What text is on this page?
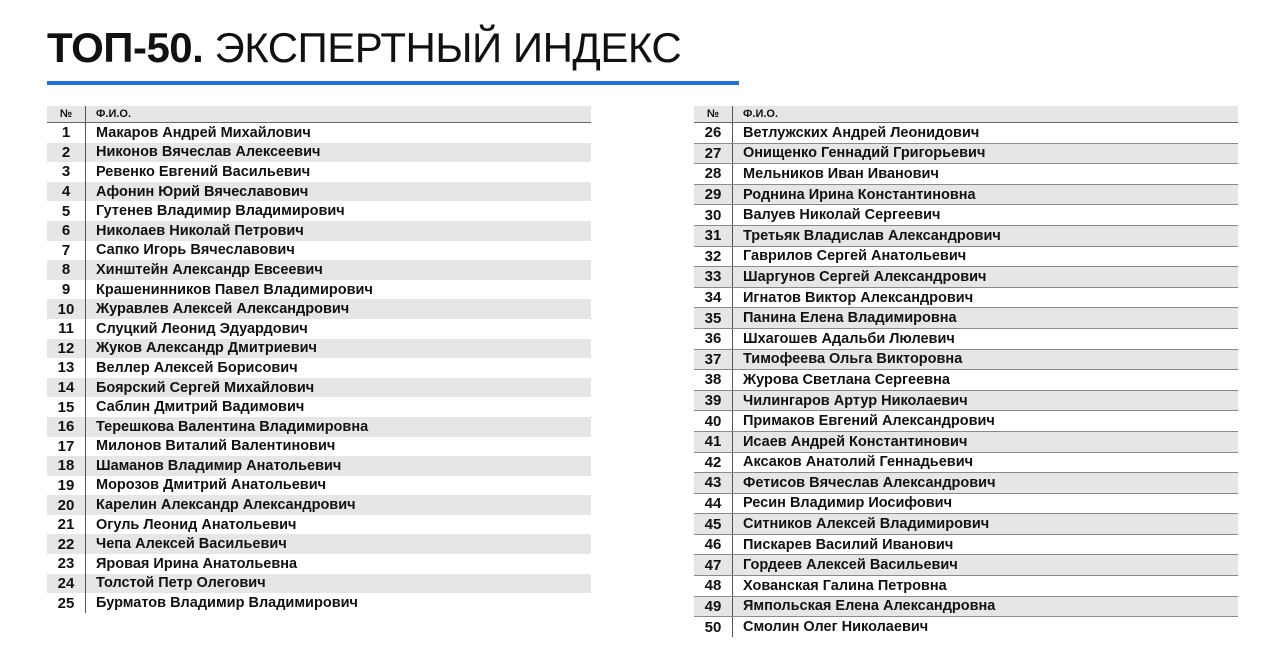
ТОП-50. ЭКСПЕРТНЫЙ ИНДЕКС
№	Ф.И.О.
1	Макаров Андрей Михайлович
2	Никонов Вячеслав Алексеевич
3	Ревенко Евгений Васильевич
4	Афонин Юрий Вячеславович
5	Гутенев Владимир Владимирович
6	Николаев Николай Петрович
7	Сапко Игорь Вячеславович
8	Хинштейн Александр Евсеевич
9	Крашенинников Павел Владимирович
10	Журавлев Алексей Александрович
11	Слуцкий Леонид Эдуардович
12	Жуков Александр Дмитриевич
13	Веллер Алексей Борисович
14	Боярский Сергей Михайлович
15	Саблин Дмитрий Вадимович
16	Терешкова Валентина Владимировна
17	Милонов Виталий Валентинович
18	Шаманов Владимир Анатольевич
19	Морозов Дмитрий Анатольевич
20	Карелин Александр Александрович
21	Огуль Леонид Анатольевич
22	Чепа Алексей Васильевич
23	Яровая Ирина Анатольевна
24	Толстой Петр Олегович
25	Бурматов Владимир Владимирович
№	Ф.И.О.
26	Ветлужских Андрей Леонидович
27	Онищенко Геннадий Григорьевич
28	Мельников Иван Иванович
29	Роднина Ирина Константиновна
30	Валуев Николай Сергеевич
31	Третьяк Владислав Александрович
32	Гаврилов Сергей Анатольевич
33	Шаргунов Сергей Александрович
34	Игнатов Виктор Александрович
35	Панина Елена Владимировна
36	Шхагошев Адальби Люлевич
37	Тимофеева Ольга Викторовна
38	Журова Светлана Сергеевна
39	Чилингаров Артур Николаевич
40	Примаков Евгений Александрович
41	Исаев Андрей Константинович
42	Аксаков Анатолий Геннадьевич
43	Фетисов Вячеслав Александрович
44	Ресин Владимир Иосифович
45	Ситников Алексей Владимирович
46	Пискарев Василий Иванович
47	Гордеев Алексей Васильевич
48	Хованская Галина Петровна
49	Ямпольская Елена Александровна
50	Смолин Олег Николаевич
